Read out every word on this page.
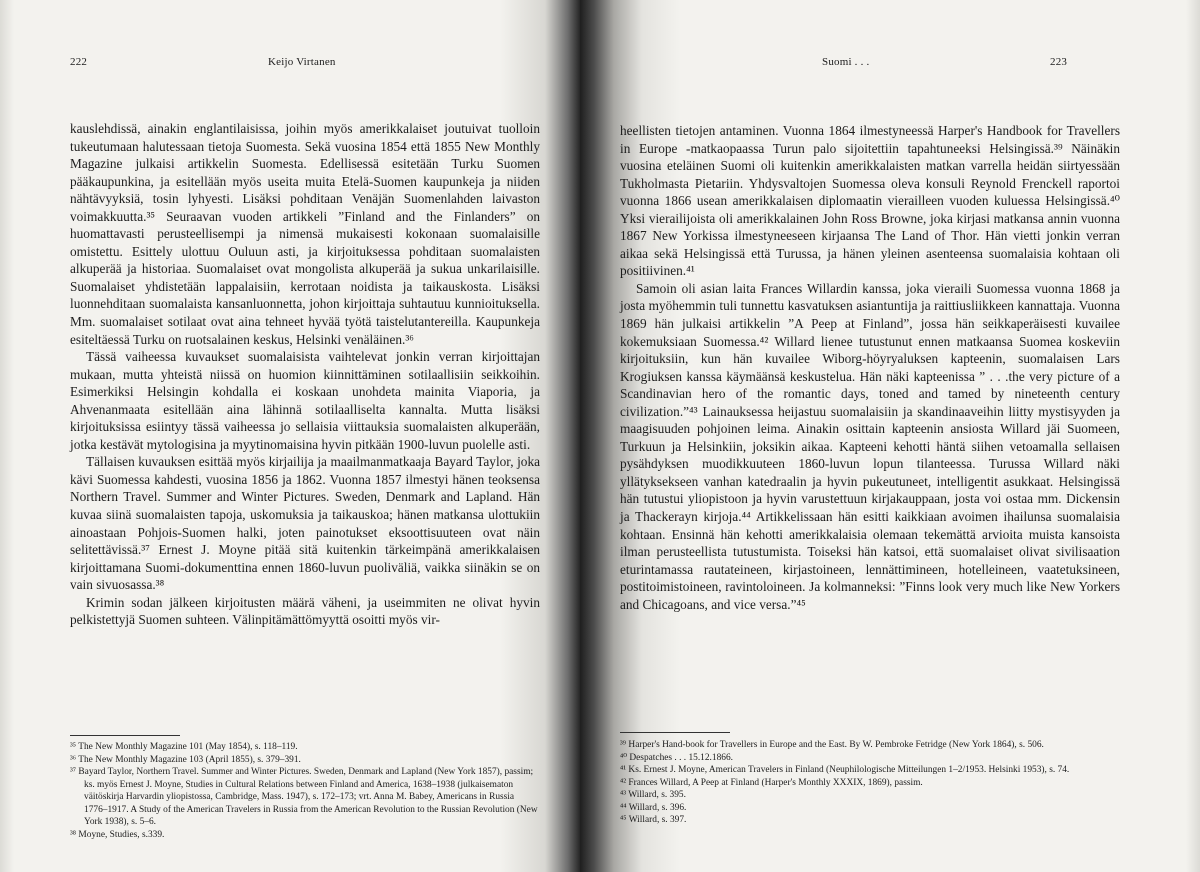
222	Keijo Virtanen

kauslehdissä, ainakin englantilaisissa, joihin myös amerikkalaiset joutuivat tuolloin tukeutumaan halutessaan tietoja Suomesta. Sekä vuosina 1854 että 1855 New Monthly Magazine julkaisi artikkelin Suomesta. Edellisessä esitetään Turku Suomen pääkaupunkina, ja esitellään myös useita muita Etelä-Suomen kaupunkeja ja niiden nähtävyyksiä, tosin lyhyesti. Lisäksi pohditaan Venäjän Suomenlahden laivaston voimakkuutta.³⁵ Seuraavan vuoden artikkeli ”Finland and the Finlanders” on huomattavasti perusteellisempi ja nimensä mukaisesti kokonaan suomalaisille omistettu. Esittely ulottuu Ouluun asti, ja kirjoituksessa pohditaan suomalaisten alkuperää ja historiaa. Suomalaiset ovat mongolista alkuperää ja sukua unkarilaisille. Suomalaiset yhdistetään lappalaisiin, kerrotaan noidista ja taikauskosta. Lisäksi luonnehditaan suomalaista kansanluonnetta, johon kirjoittaja suhtautuu kunnioituksella. Mm. suomalaiset sotilaat ovat aina tehneet hyvää työtä taistelutantereilla. Kaupunkeja esiteltäessä Turku on ruotsalainen keskus, Helsinki venäläinen.³⁶

Tässä vaiheessa kuvaukset suomalaisista vaihtelevat jonkin verran kirjoittajan mukaan, mutta yhteistä niissä on huomion kiinnittäminen sotilaallisiin seikkoihin. Esimerkiksi Helsingin kohdalla ei koskaan unohdeta mainita Viaporia, ja Ahvenanmaata esitellään aina lähinnä sotilaalliselta kannalta. Mutta lisäksi kirjoituksissa esiintyy tässä vaiheessa jo sellaisia viittauksia suomalaisten alkuperään, jotka kestävät mytologisina ja myytinomaisina hyvin pitkään 1900-luvun puolelle asti.

Tällaisen kuvauksen esittää myös kirjailija ja maailmanmatkaaja Bayard Taylor, joka kävi Suomessa kahdesti, vuosina 1856 ja 1862. Vuonna 1857 ilmestyi hänen teoksensa Northern Travel. Summer and Winter Pictures. Sweden, Denmark and Lapland. Hän kuvaa siinä suomalaisten tapoja, uskomuksia ja taikauskoa; hänen matkansa ulottukiin ainoastaan Pohjois-Suomen halki, joten painotukset eksoottisuuteen ovat näin selitettävissä.³⁷ Ernest J. Moyne pitää sitä kuitenkin tärkeimpänä amerikkalaisen kirjoittamana Suomi-dokumenttina ennen 1860-luvun puoliväliä, vaikka siinäkin se on vain sivuosassa.³⁸

Krimin sodan jälkeen kirjoitusten määrä väheni, ja useimmiten ne olivat hyvin pelkistettyjä Suomen suhteen. Välinpitämättömyyttä osoitti myös vir-

³⁵ The New Monthly Magazine 101 (May 1854), s. 118–119.

³⁶ The New Monthly Magazine 103 (April 1855), s. 379–391.

³⁷ Bayard Taylor, Northern Travel. Summer and Winter Pictures. Sweden, Denmark and Lapland (New York 1857), passim; ks. myös Ernest J. Moyne, Studies in Cultural Relations between Finland and America, 1638–1938 (julkaisematon väitöskirja Harvardin yliopistossa, Cambridge, Mass. 1947), s. 172–173; vrt. Anna M. Babey, Americans in Russia 1776–1917. A Study of the American Travelers in Russia from the American Revolution to the Russian Revolution (New York 1938), s. 5–6.

³⁸ Moyne, Studies, s.339.

Suomi . . .	223

heellisten tietojen antaminen. Vuonna 1864 ilmestyneessä Harper's Handbook for Travellers in Europe -matkaopaassa Turun palo sijoitettiin tapahtuneeksi Helsingissä.³⁹ Näinäkin vuosina eteläinen Suomi oli kuitenkin amerikkalaisten matkan varrella heidän siirtyessään Tukholmasta Pietariin. Yhdysvaltojen Suomessa oleva konsuli Reynold Frenckell raportoi vuonna 1866 usean amerikkalaisen diplomaatin vierailleen vuoden kuluessa Helsingissä.⁴⁰ Yksi vierailijoista oli amerikkalainen John Ross Browne, joka kirjasi matkansa annin vuonna 1867 New Yorkissa ilmestyneeseen kirjaansa The Land of Thor. Hän vietti jonkin verran aikaa sekä Helsingissä että Turussa, ja hänen yleinen asenteensa suomalaisia kohtaan oli positiivinen.⁴¹

Samoin oli asian laita Frances Willardin kanssa, joka vieraili Suomessa vuonna 1868 ja josta myöhemmin tuli tunnettu kasvatuksen asiantuntija ja raittiusliikkeen kannattaja. Vuonna 1869 hän julkaisi artikkelin ”A Peep at Finland”, jossa hän seikkaperäisesti kuvailee kokemuksiaan Suomessa.⁴² Willard lienee tutustunut ennen matkaansa Suomea koskeviin kirjoituksiin, kun hän kuvailee Wiborg-höyryaluksen kapteenin, suomalaisen Lars Krogiuksen kanssa käymäänsä keskustelua. Hän näki kapteenissa ” . . .the very picture of a Scandinavian hero of the romantic days, toned and tamed by nineteenth century civilization.”⁴³ Lainauksessa heijastuu suomalaisiin ja skandinaaveihin liitty mystisyyden ja maagisuuden pohjoinen leima. Ainakin osittain kapteenin ansiosta Willard jäi Suomeen, Turkuun ja Helsinkiin, joksikin aikaa. Kapteeni kehotti häntä siihen vetoamalla sellaisen pysähdyksen muodikkuuteen 1860-luvun lopun tilanteessa. Turussa Willard näki yllätyksekseen vanhan katedraalin ja hyvin pukeutuneet, intelligentit asukkaat. Helsingissä hän tutustui yliopistoon ja hyvin varustettuun kirjakauppaan, josta voi ostaa mm. Dickensin ja Thackerayn kirjoja.⁴⁴ Artikkelissaan hän esitti kaikkiaan avoimen ihailunsa suomalaisia kohtaan. Ensinnä hän kehotti amerikkalaisia olemaan tekemättä arvioita muista kansoista ilman perusteellista tutustumista. Toiseksi hän katsoi, että suomalaiset olivat sivilisaation eturintamassa rautateineen, kirjastoineen, lennättimineen, hotelleineen, vaatetuksineen, postitoimistoineen, ravintoloineen. Ja kolmanneksi: ”Finns look very much like New Yorkers and Chicagoans, and vice versa.”⁴⁵

³⁹ Harper's Hand-book for Travellers in Europe and the East. By W. Pembroke Fetridge (New York 1864), s. 506.

⁴⁰ Despatches . . . 15.12.1866.

⁴¹ Ks. Ernest J. Moyne, American Travelers in Finland (Neuphilologische Mitteilungen 1–2/1953. Helsinki 1953), s. 74.

⁴² Frances Willard, A Peep at Finland (Harper's Monthly XXXIX, 1869), passim.

⁴³ Willard, s. 395.

⁴⁴ Willard, s. 396.

⁴⁵ Willard, s. 397.
